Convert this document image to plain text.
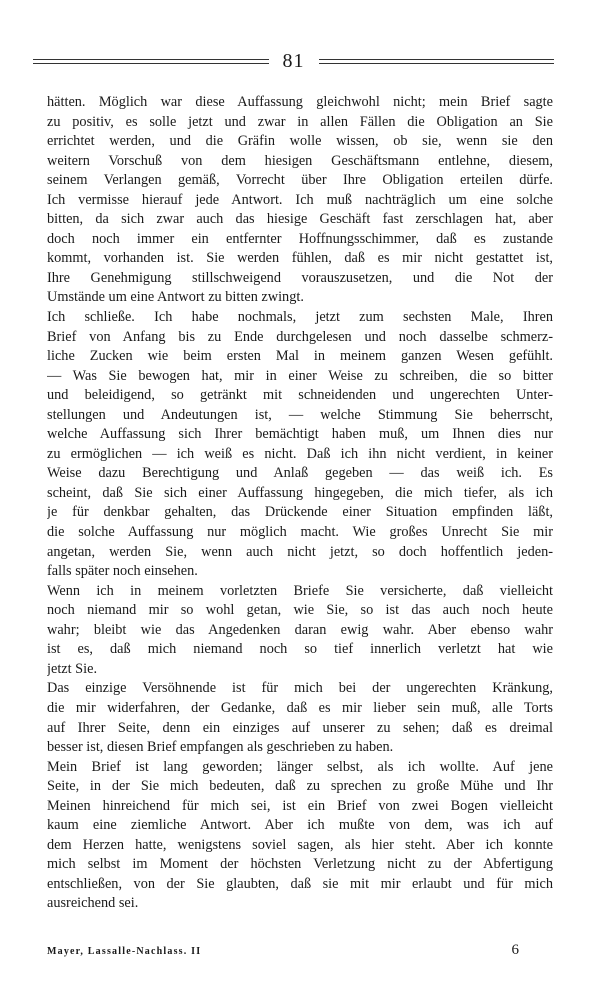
81

hätten. Möglich war diese Auffassung gleichwohl nicht; mein Brief sagte
zu positiv, es solle jetzt und zwar in allen Fällen die Obligation an Sie
errichtet werden, und die Gräfin wolle wissen, ob sie, wenn sie den
weitern Vorschuß von dem hiesigen Geschäftsmann entlehne, diesem,
seinem Verlangen gemäß, Vorrecht über Ihre Obligation erteilen dürfe.
Ich vermisse hierauf jede Antwort. Ich muß nachträglich um eine solche
bitten, da sich zwar auch das hiesige Geschäft fast zerschlagen hat, aber
doch noch immer ein entfernter Hoffnungsschimmer, daß es zustande
kommt, vorhanden ist. Sie werden fühlen, daß es mir nicht gestattet ist,
Ihre Genehmigung stillschweigend vorauszusetzen, und die Not der
Umstände um eine Antwort zu bitten zwingt.

Ich schließe. Ich habe nochmals, jetzt zum sechsten Male, Ihren
Brief von Anfang bis zu Ende durchgelesen und noch dasselbe schmerz-
liche Zucken wie beim ersten Mal in meinem ganzen Wesen gefühlt.
— Was Sie bewogen hat, mir in einer Weise zu schreiben, die so bitter
und beleidigend, so getränkt mit schneidenden und ungerechten Unter-
stellungen und Andeutungen ist, — welche Stimmung Sie beherrscht,
welche Auffassung sich Ihrer bemächtigt haben muß, um Ihnen dies nur
zu ermöglichen — ich weiß es nicht. Daß ich ihn nicht verdient, in keiner
Weise dazu Berechtigung und Anlaß gegeben — das weiß ich. Es
scheint, daß Sie sich einer Auffassung hingegeben, die mich tiefer, als ich
je für denkbar gehalten, das Drückende einer Situation empfinden läßt,
die solche Auffassung nur möglich macht. Wie großes Unrecht Sie mir
angetan, werden Sie, wenn auch nicht jetzt, so doch hoffentlich jeden-
falls später noch einsehen.

Wenn ich in meinem vorletzten Briefe Sie versicherte, daß vielleicht
noch niemand mir so wohl getan, wie Sie, so ist das auch noch heute
wahr; bleibt wie das Angedenken daran ewig wahr. Aber ebenso wahr
ist es, daß mich niemand noch so tief innerlich verletzt hat wie
jetzt Sie.

Das einzige Versöhnende ist für mich bei der ungerechten Kränkung,
die mir widerfahren, der Gedanke, daß es mir lieber sein muß, alle Torts
auf Ihrer Seite, denn ein einziges auf unserer zu sehen; daß es dreimal
besser ist, diesen Brief empfangen als geschrieben zu haben.

Mein Brief ist lang geworden; länger selbst, als ich wollte. Auf jene
Seite, in der Sie mich bedeuten, daß zu sprechen zu große Mühe und Ihr
Meinen hinreichend für mich sei, ist ein Brief von zwei Bogen vielleicht
kaum eine ziemliche Antwort. Aber ich mußte von dem, was ich auf
dem Herzen hatte, wenigstens soviel sagen, als hier steht. Aber ich konnte
mich selbst im Moment der höchsten Verletzung nicht zu der Abfertigung
entschließen, von der Sie glaubten, daß sie mit mir erlaubt und für mich
ausreichend sei.

Mayer, Lassalle-Nachlass. II	6
